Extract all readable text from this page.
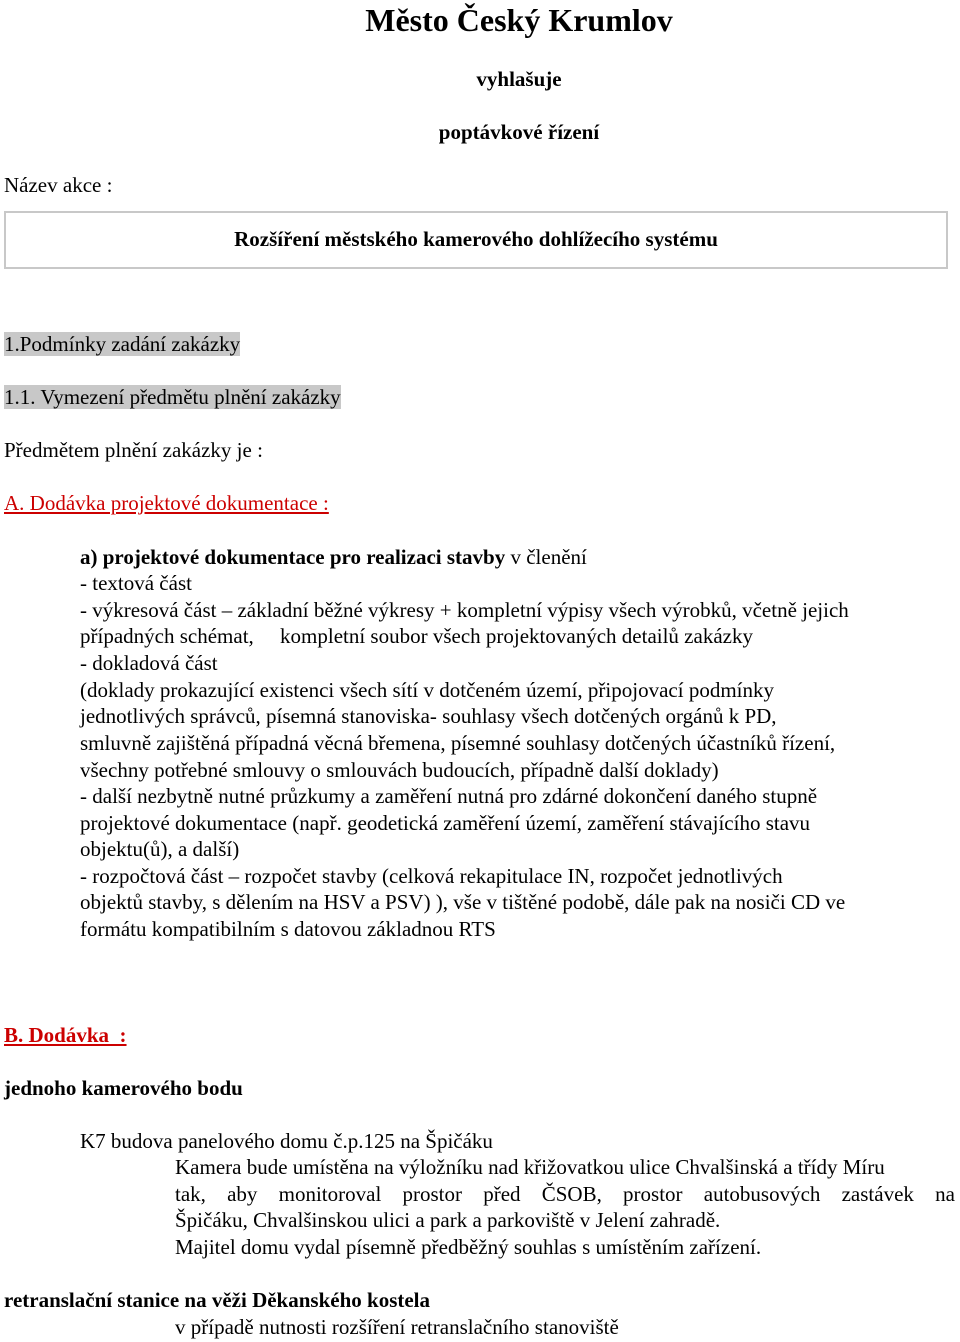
Město Český Krumlov
vyhlašuje
poptávkové řízení
Název akce :
Rozšíření městského kamerového dohlížecího systému
1.Podmínky zadání zakázky
1.1. Vymezení předmětu plnění zakázky
Předmětem plnění zakázky je :
A. Dodávka projektové dokumentace :
a) projektové dokumentace pro realizaci stavby v členění
- textová část
- výkresová část – základní běžné výkresy + kompletní výpisy všech výrobků, včetně jejich
případných schémat,     kompletní soubor všech projektovaných detailů zakázky
- dokladová část
(doklady prokazující existenci všech sítí v dotčeném území, připojovací podmínky
jednotlivých správců, písemná stanoviska- souhlasy všech dotčených orgánů k PD,
smluvně zajištěná případná věcná břemena, písemné souhlasy dotčených účastníků řízení,
všechny potřebné smlouvy o smlouvách budoucích, případně další doklady)
- další nezbytně nutné průzkumy a zaměření nutná pro zdárné dokončení daného stupně
projektové dokumentace (např. geodetická zaměření území, zaměření stávajícího stavu
objektu(ů), a další)
- rozpočtová část – rozpočet stavby (celková rekapitulace IN, rozpočet jednotlivých
objektů stavby, s dělením na HSV a PSV) ), vše v tištěné podobě, dále pak na nosiči CD ve
formátu kompatibilním s datovou základnou RTS
B. Dodávka  :
jednoho kamerového bodu
K7 budova panelového domu č.p.125 na Špičáku
Kamera bude umístěna na výložníku nad křižovatkou ulice Chvalšinská a třídy Míru
tak, aby monitoroval prostor před ČSOB, prostor autobusových zastávek na
Špičáku, Chvalšinskou ulici a park a parkoviště v Jelení zahradě.
Majitel domu vydal písemně předběžný souhlas s umístěním zařízení.
retranslační stanice na věži Děkanského kostela
v případě nutnosti rozšíření retranslačního stanoviště
